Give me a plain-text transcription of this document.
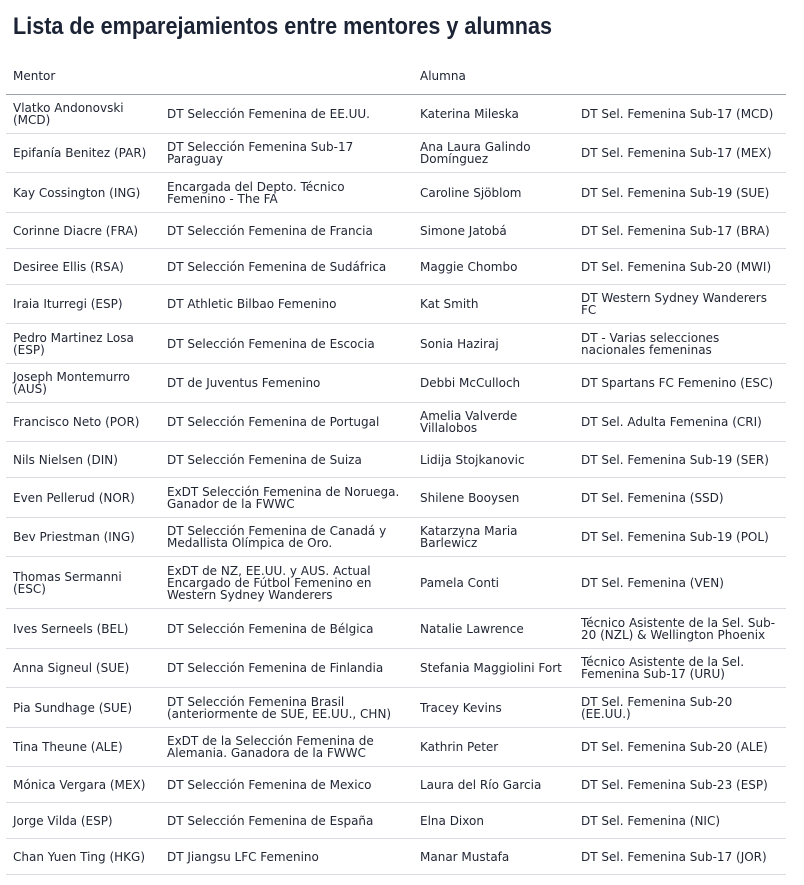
Lista de emparejamientos entre mentores y alumnas
Mentor		Alumna	
Vlatko Andonovski (MCD)	DT Selección Femenina de EE.UU.	Katerina Mileska	DT Sel. Femenina Sub-17 (MCD)
Epifanía Benitez (PAR)	DT Selección Femenina Sub-17 Paraguay	Ana Laura Galindo Domínguez	DT Sel. Femenina Sub-17 (MEX)
Kay Cossington (ING)	Encargada del Depto. Técnico Femenino - The FA	Caroline Sjöblom	DT Sel. Femenina Sub-19 (SUE)
Corinne Diacre (FRA)	DT Selección Femenina de Francia	Simone Jatobá	DT Sel. Femenina Sub-17 (BRA)
Desiree Ellis (RSA)	DT Selección Femenina de Sudáfrica	Maggie Chombo	DT Sel. Femenina Sub-20 (MWI)
Iraia Iturregi (ESP)	DT Athletic Bilbao Femenino	Kat Smith	DT Western Sydney Wanderers FC
Pedro Martinez Losa (ESP)	DT Selección Femenina de Escocia	Sonia Haziraj	DT - Varias selecciones nacionales femeninas
Joseph Montemurro (AUS)	DT de Juventus Femenino	Debbi McCulloch	DT Spartans FC Femenino (ESC)
Francisco Neto (POR)	DT Selección Femenina de Portugal	Amelia Valverde Villalobos	DT Sel. Adulta Femenina (CRI)
Nils Nielsen (DIN)	DT Selección Femenina de Suiza	Lidija Stojkanovic	DT Sel. Femenina Sub-19 (SER)
Even Pellerud (NOR)	ExDT Selección Femenina de Noruega. Ganador de la FWWC	Shilene Booysen	DT Sel. Femenina (SSD)
Bev Priestman (ING)	DT Selección Femenina de Canadá y Medallista Olímpica de Oro.	Katarzyna Maria Barlewicz	DT Sel. Femenina Sub-19 (POL)
Thomas Sermanni (ESC)	ExDT de NZ, EE.UU. y AUS. Actual Encargado de Fútbol Femenino en Western Sydney Wanderers	Pamela Conti	DT Sel. Femenina (VEN)
Ives Serneels (BEL)	DT Selección Femenina de Bélgica	Natalie Lawrence	Técnico Asistente de la Sel. Sub-20 (NZL) & Wellington Phoenix
Anna Signeul (SUE)	DT Selección Femenina de Finlandia	Stefania Maggiolini Fort	Técnico Asistente de la Sel. Femenina Sub-17 (URU)
Pia Sundhage (SUE)	DT Selección Femenina Brasil (anteriormente de SUE, EE.UU., CHN)	Tracey Kevins	DT Sel. Femenina Sub-20 (EE.UU.)
Tina Theune (ALE)	ExDT de la Selección Femenina de Alemania. Ganadora de la FWWC	Kathrin Peter	DT Sel. Femenina Sub-20 (ALE)
Mónica Vergara (MEX)	DT Selección Femenina de Mexico	Laura del Río Garcia	DT Sel. Femenina Sub-23 (ESP)
Jorge Vilda (ESP)	DT Selección Femenina de España	Elna Dixon	DT Sel. Femenina (NIC)
Chan Yuen Ting (HKG)	DT Jiangsu LFC Femenino	Manar Mustafa	DT Sel. Femenina Sub-17 (JOR)
